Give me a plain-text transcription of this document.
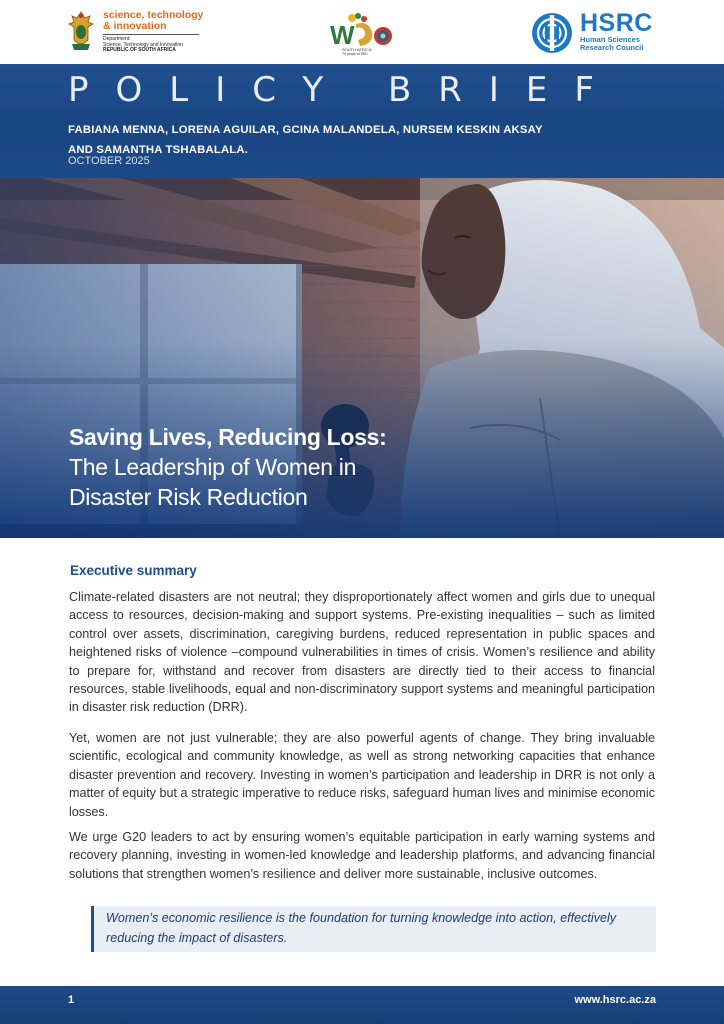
science, technology
& innovation
Department:
Science, Technology and Innovation
REPUBLIC OF SOUTH AFRICA
W
SOUTH AFRICA
70 years of WiD
HSRC
Human Sciences
Research Council
POLICY BRIEF
FABIANA MENNA, LORENA AGUILAR, GCINA MALANDELA, NURSEM KESKIN AKSAY
AND SAMANTHA TSHABALALA.
OCTOBER 2025
Saving Lives, Reducing Loss:
The Leadership of Women in
Disaster Risk Reduction
Executive summary

Climate-related disasters are not neutral; they disproportionately affect women and girls due to unequal access to resources, decision-making and support systems. Pre-existing inequalities – such as limited control over assets, discrimination, caregiving burdens, reduced representation in public spaces and heightened risks of violence –compound vulnerabilities in times of crisis. Women’s resilience and ability to prepare for, withstand and recover from disasters are directly tied to their access to financial resources, stable livelihoods, equal and non-discriminatory support systems and meaningful participation in disaster risk reduction (DRR).

Yet, women are not just vulnerable; they are also powerful agents of change. They bring invaluable scientific, ecological and community knowledge, as well as strong networking capacities that enhance disaster prevention and recovery. Investing in women’s participation and leadership in DRR is not only a matter of equity but a strategic imperative to reduce risks, safeguard human lives and minimise economic losses.

We urge G20 leaders to act by ensuring women’s equitable participation in early warning systems and recovery planning, investing in women-led knowledge and leadership platforms, and advancing financial solutions that strengthen women’s resilience and deliver more sustainable, inclusive outcomes.

Women’s economic resilience is the foundation for turning knowledge into action, effectively reducing the impact of disasters.
1	www.hsrc.ac.za
